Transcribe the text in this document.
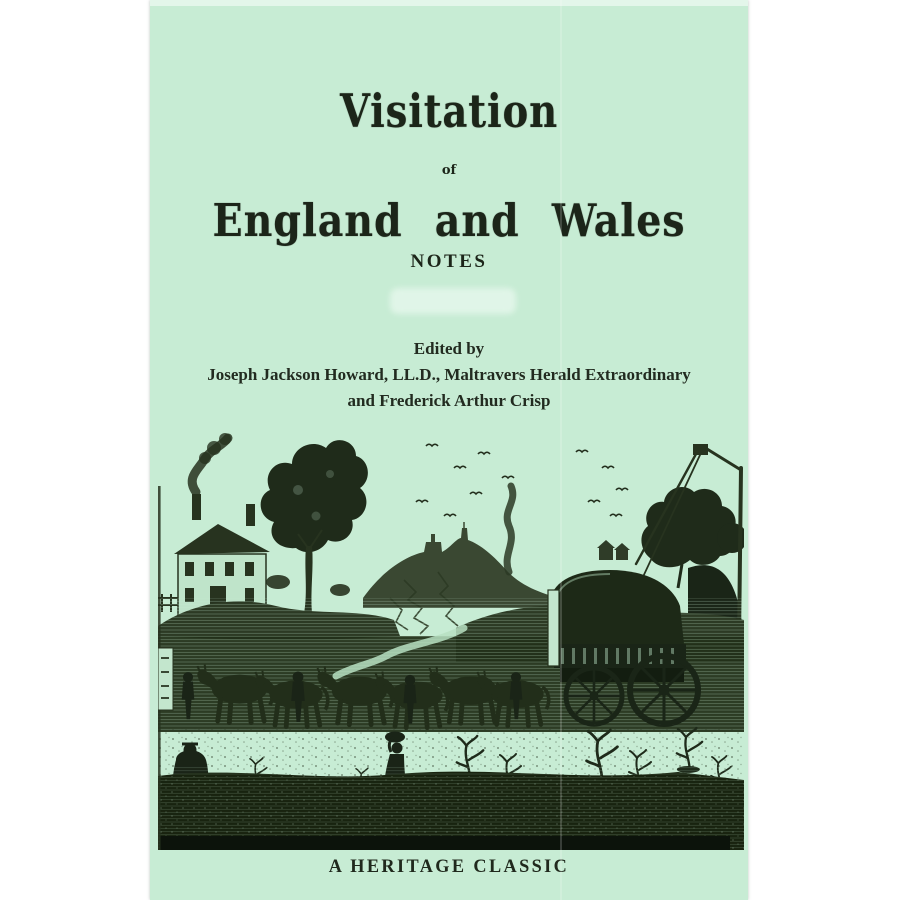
Visitation
of
England and Wales
NOTES
Edited by
Joseph Jackson Howard, LL.D., Maltravers Herald Extraordinary
and Frederick Arthur Crisp
A HERITAGE CLASSIC
